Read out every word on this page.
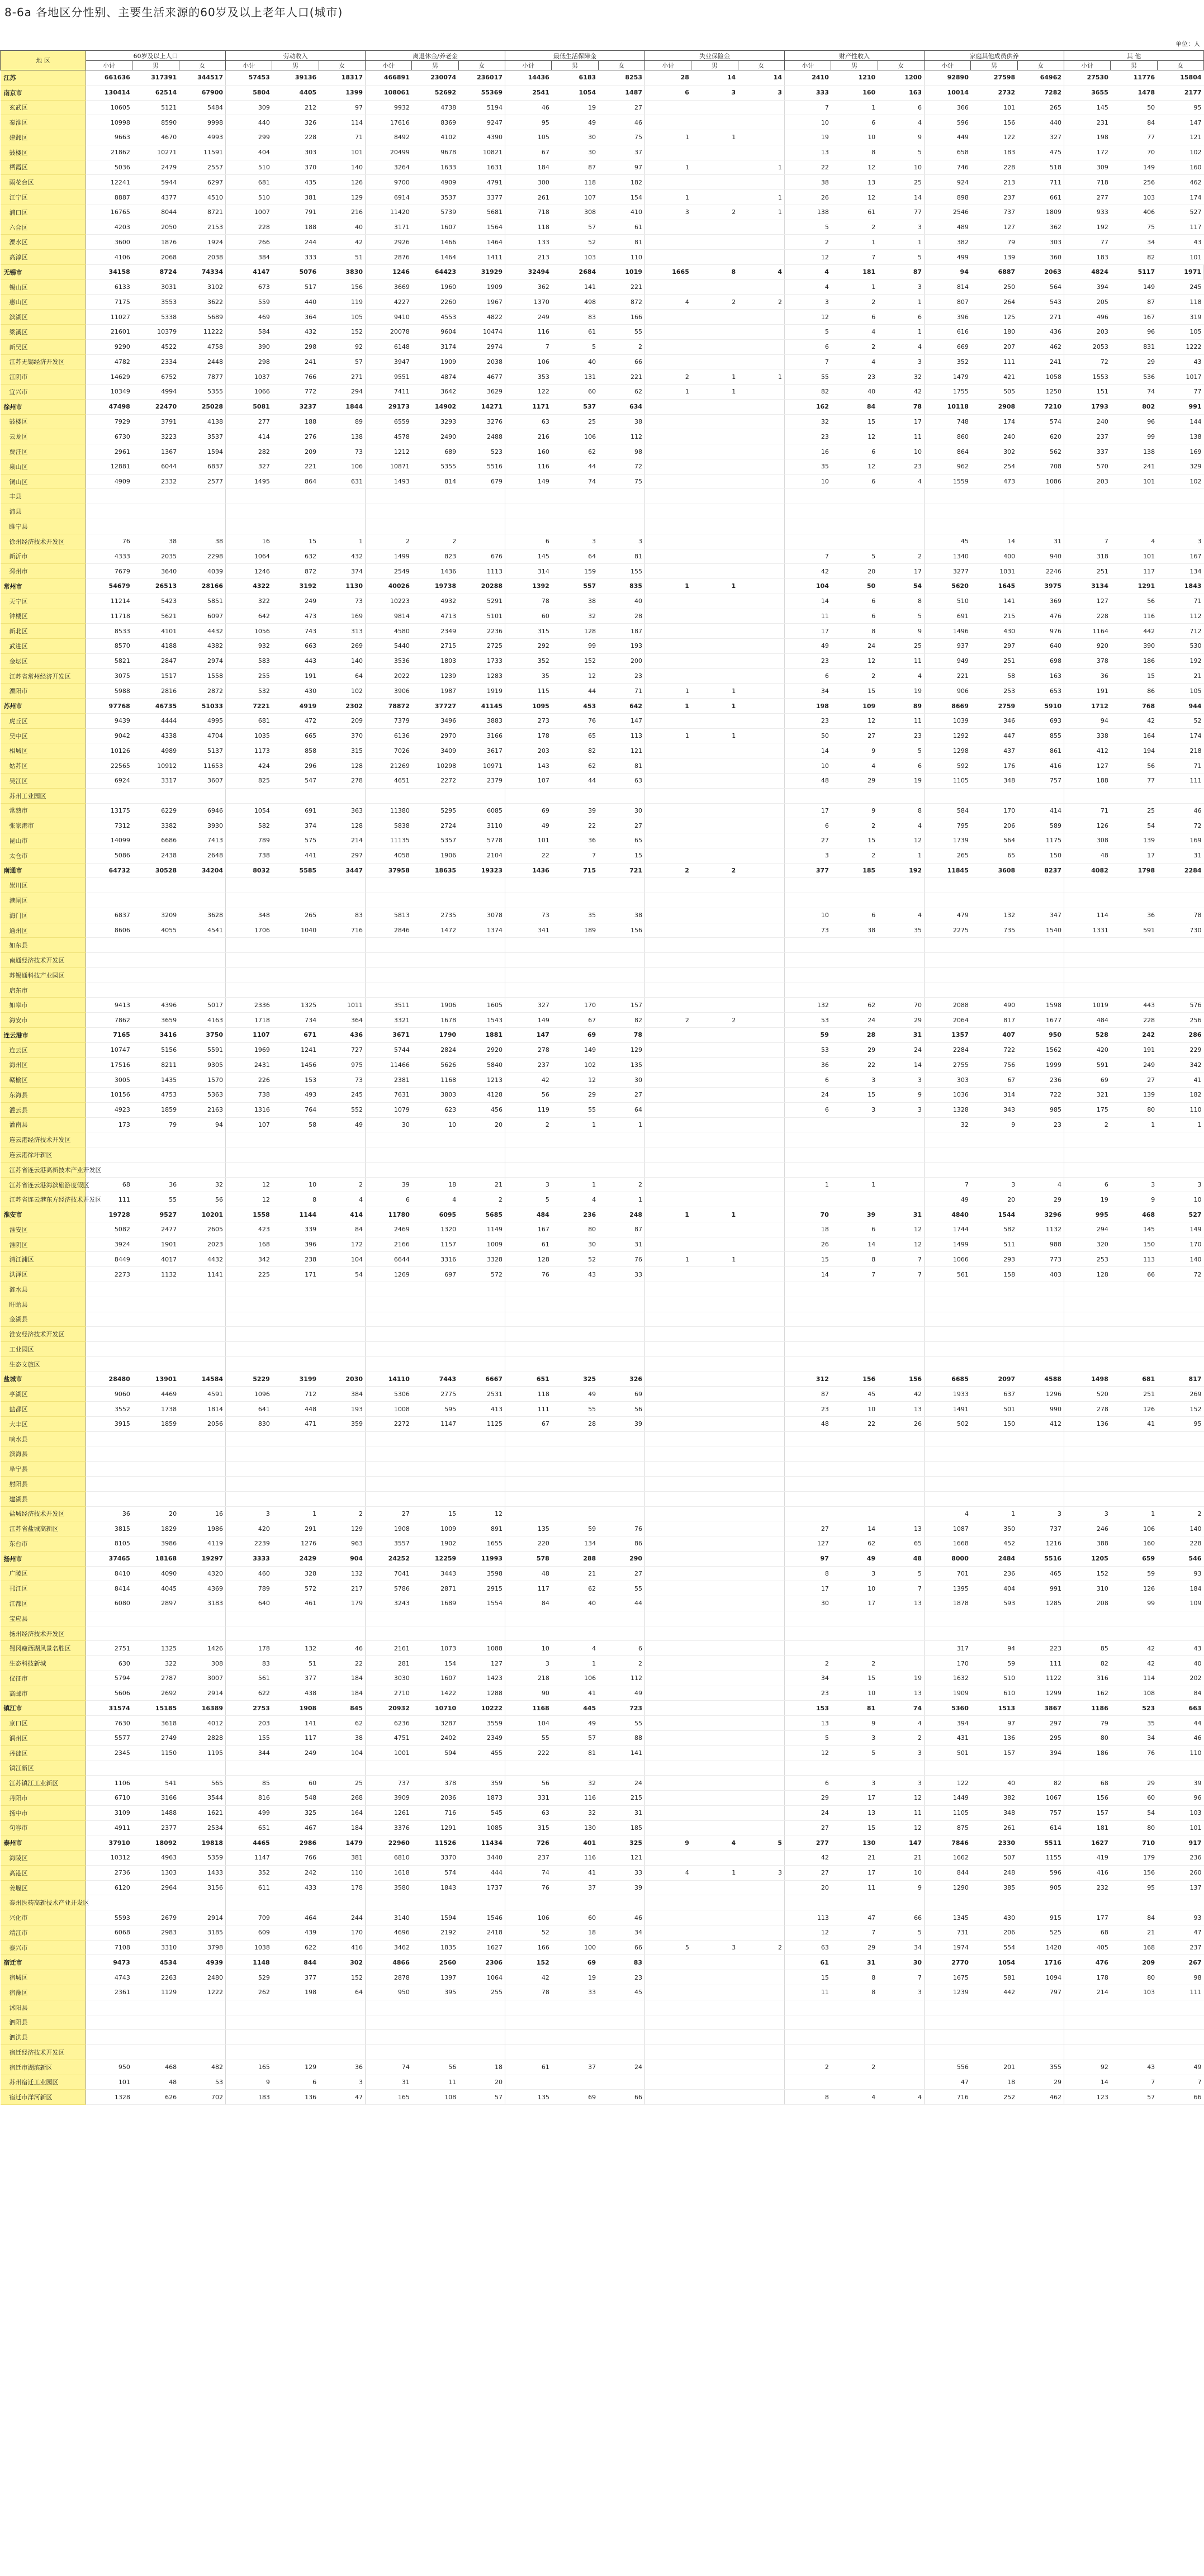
8-6a 各地区分性别、主要生活来源的60岁及以上老年人口(城市)
单位：人
地 区	60岁及以上人口			劳动收入			离退休金/养老金			最低生活保障金			失业保险金			财产性收入			家庭其他成员供养			其 他			
	小计	男	女	小计	男	女	小计	男	女	小计	男	女	小计	男	女	小计	男	女	小计	男	女	小计	男	女	
江苏	661636	317391	344517	57453	39136	18317	466891	230074	236017	14436	6183	8253	28	14	14	2410	1210	1200	92890	27598	64962	27530	11776	15804	
南京市	130414	62514	67900	5804	4405	1399	108061	52692	55369	2541	1054	1487	6	3	3	333	160	163	10014	2732	7282	3655	1478	2177	
玄武区	10605	5121	5484	309	212	97	9932	4738	5194	46	19	27				7	1	6	366	101	265	145	50	95	
秦淮区	10998	8590	9998	440	326	114	17616	8369	9247	95	49	46				10	6	4	596	156	440	231	84	147	
建邺区	9663	4670	4993	299	228	71	8492	4102	4390	105	30	75	1	1		19	10	9	449	122	327	198	77	121	
鼓楼区	21862	10271	11591	404	303	101	20499	9678	10821	67	30	37				13	8	5	658	183	475	172	70	102	
栖霞区	5036	2479	2557	510	370	140	3264	1633	1631	184	87	97	1		1	22	12	10	746	228	518	309	149	160	
雨花台区	12241	5944	6297	681	435	126	9700	4909	4791	300	118	182				38	13	25	924	213	711	718	256	462	
江宁区	8887	4377	4510	510	381	129	6914	3537	3377	261	107	154	1		1	26	12	14	898	237	661	277	103	174	
浦口区	16765	8044	8721	1007	791	216	11420	5739	5681	718	308	410	3	2	1	138	61	77	2546	737	1809	933	406	527	
六合区	4203	2050	2153	228	188	40	3171	1607	1564	118	57	61				5	2	3	489	127	362	192	75	117	
溧水区	3600	1876	1924	266	244	42	2926	1466	1464	133	52	81				2	1	1	382	79	303	77	34	43	
高淳区	4106	2068	2038	384	333	51	2876	1464	1411	213	103	110				12	7	5	499	139	360	183	82	101	
无锡市	34158	8724	74334	4147	5076	3830	1246	64423	31929	32494	2684	1019	1665	8	4	4	181	87	94	6887	2063	4824	5117	1971	
锡山区	6133	3031	3102	673	517	156	3669	1960	1909	362	141	221				4	1	3	814	250	564	394	149	245	
惠山区	7175	3553	3622	559	440	119	4227	2260	1967	1370	498	872	4	2	2	3	2	1	807	264	543	205	87	118	
滨湖区	11027	5338	5689	469	364	105	9410	4553	4822	249	83	166				12	6	6	396	125	271	496	167	319	
梁溪区	21601	10379	11222	584	432	152	20078	9604	10474	116	61	55				5	4	1	616	180	436	203	96	105	
新吴区	9290	4522	4758	390	298	92	6148	3174	2974	7	5	2				6	2	4	669	207	462	2053	831	1222	
江苏无锡经济开发区	4782	2334	2448	298	241	57	3947	1909	2038	106	40	66				7	4	3	352	111	241	72	29	43	
江阴市	14629	6752	7877	1037	766	271	9551	4874	4677	353	131	221	2	1	1	55	23	32	1479	421	1058	1553	536	1017	
宜兴市	10349	4994	5355	1066	772	294	7411	3642	3629	122	60	62	1	1		82	40	42	1755	505	1250	151	74	77	
徐州市	47498	22470	25028	5081	3237	1844	29173	14902	14271	1171	537	634				162	84	78	10118	2908	7210	1793	802	991	
鼓楼区	7929	3791	4138	277	188	89	6559	3293	3276	63	25	38				32	15	17	748	174	574	240	96	144	
云龙区	6730	3223	3537	414	276	138	4578	2490	2488	216	106	112				23	12	11	860	240	620	237	99	138	
贾汪区	2961	1367	1594	282	209	73	1212	689	523	160	62	98				16	6	10	864	302	562	337	138	169	
泉山区	12881	6044	6837	327	221	106	10871	5355	5516	116	44	72				35	12	23	962	254	708	570	241	329	
铜山区	4909	2332	2577	1495	864	631	1493	814	679	149	74	75				10	6	4	1559	473	1086	203	101	102	
丰县																									
沛县																									
睢宁县																									
徐州经济技术开发区	76	38	38	16	15	1	2	2		6	3	3							45	14	31	7	4	3	
新沂市	4333	2035	2298	1064	632	432	1499	823	676	145	64	81				7	5	2	1340	400	940	318	101	167	
邳州市	7679	3640	4039	1246	872	374	2549	1436	1113	314	159	155				42	20	17	3277	1031	2246	251	117	134	
常州市	54679	26513	28166	4322	3192	1130	40026	19738	20288	1392	557	835	1	1		104	50	54	5620	1645	3975	3134	1291	1843	
天宁区	11214	5423	5851	322	249	73	10223	4932	5291	78	38	40				14	6	8	510	141	369	127	56	71	
钟楼区	11718	5621	6097	642	473	169	9814	4713	5101	60	32	28				11	6	5	691	215	476	228	116	112	
新北区	8533	4101	4432	1056	743	313	4580	2349	2236	315	128	187				17	8	9	1496	430	976	1164	442	712	
武进区	8570	4188	4382	932	663	269	5440	2715	2725	292	99	193				49	24	25	937	297	640	920	390	530	
金坛区	5821	2847	2974	583	443	140	3536	1803	1733	352	152	200				23	12	11	949	251	698	378	186	192	
江苏省常州经济开发区	3075	1517	1558	255	191	64	2022	1239	1283	35	12	23				6	2	4	221	58	163	36	15	21	
溧阳市	5988	2816	2872	532	430	102	3906	1987	1919	115	44	71	1	1		34	15	19	906	253	653	191	86	105	
苏州市	97768	46735	51033	7221	4919	2302	78872	37727	41145	1095	453	642	1	1		198	109	89	8669	2759	5910	1712	768	944	
虎丘区	9439	4444	4995	681	472	209	7379	3496	3883	273	76	147				23	12	11	1039	346	693	94	42	52	
吴中区	9042	4338	4704	1035	665	370	6136	2970	3166	178	65	113	1	1		50	27	23	1292	447	855	338	164	174	
相城区	10126	4989	5137	1173	858	315	7026	3409	3617	203	82	121				14	9	5	1298	437	861	412	194	218	
姑苏区	22565	10912	11653	424	296	128	21269	10298	10971	143	62	81				10	4	6	592	176	416	127	56	71	
吴江区	6924	3317	3607	825	547	278	4651	2272	2379	107	44	63				48	29	19	1105	348	757	188	77	111	
苏州工业园区																									
常熟市	13175	6229	6946	1054	691	363	11380	5295	6085	69	39	30				17	9	8	584	170	414	71	25	46	
张家港市	7312	3382	3930	582	374	128	5838	2724	3110	49	22	27				6	2	4	795	206	589	126	54	72	
昆山市	14099	6686	7413	789	575	214	11135	5357	5778	101	36	65				27	15	12	1739	564	1175	308	139	169	
太仓市	5086	2438	2648	738	441	297	4058	1906	2104	22	7	15				3	2	1	265	65	150	48	17	31	
南通市	64732	30528	34204	8032	5585	3447	37958	18635	19323	1436	715	721	2	2		377	185	192	11845	3608	8237	4082	1798	2284	
崇川区																									
港闸区																									
海门区	6837	3209	3628	348	265	83	5813	2735	3078	73	35	38				10	6	4	479	132	347	114	36	78	
通州区	8606	4055	4541	1706	1040	716	2846	1472	1374	341	189	156				73	38	35	2275	735	1540	1331	591	730	
如东县																									
南通经济技术开发区																									
苏锡通科技产业园区																									
启东市																									
如皋市	9413	4396	5017	2336	1325	1011	3511	1906	1605	327	170	157				132	62	70	2088	490	1598	1019	443	576	
海安市	7862	3659	4163	1718	734	364	3321	1678	1543	149	67	82	2	2		53	24	29	2064	817	1677	484	228	256	
连云港市	7165	3416	3750	1107	671	436	3671	1790	1881	147	69	78				59	28	31	1357	407	950	528	242	286	
连云区	10747	5156	5591	1969	1241	727	5744	2824	2920	278	149	129				53	29	24	2284	722	1562	420	191	229	
海州区	17516	8211	9305	2431	1456	975	11466	5626	5840	237	102	135				36	22	14	2755	756	1999	591	249	342	
赣榆区	3005	1435	1570	226	153	73	2381	1168	1213	42	12	30				6	3	3	303	67	236	69	27	41	
东海县	10156	4753	5363	738	493	245	7631	3803	4128	56	29	27				24	15	9	1036	314	722	321	139	182	
灌云县	4923	1859	2163	1316	764	552	1079	623	456	119	55	64				6	3	3	1328	343	985	175	80	110	
灌南县	173	79	94	107	58	49	30	10	20	2	1	1							32	9	23	2	1	1	
连云港经济技术开发区																									
连云港徐圩新区																									
江苏省连云港高新技术产业开发区																									
江苏省连云港海滨旅游度假区	68	36	32	12	10	2	39	18	21	3	1	2				1	1		7	3	4	6	3	3	
江苏省连云港东方经济技术开发区	111	55	56	12	8	4	6	4	2	5	4	1							49	20	29	19	9	10	
淮安市	19728	9527	10201	1558	1144	414	11780	6095	5685	484	236	248	1	1		70	39	31	4840	1544	3296	995	468	527	
淮安区	5082	2477	2605	423	339	84	2469	1320	1149	167	80	87				18	6	12	1744	582	1132	294	145	149	
淮阴区	3924	1901	2023	168	396	172	2166	1157	1009	61	30	31				26	14	12	1499	511	988	320	150	170	
清江浦区	8449	4017	4432	342	238	104	6644	3316	3328	128	52	76	1	1		15	8	7	1066	293	773	253	113	140	
洪泽区	2273	1132	1141	225	171	54	1269	697	572	76	43	33				14	7	7	561	158	403	128	66	72	
涟水县																									
盱眙县																									
金湖县																									
淮安经济技术开发区																									
工业园区																									
生态文旅区																									
盐城市	28480	13901	14584	5229	3199	2030	14110	7443	6667	651	325	326				312	156	156	6685	2097	4588	1498	681	817	
亭湖区	9060	4469	4591	1096	712	384	5306	2775	2531	118	49	69				87	45	42	1933	637	1296	520	251	269	
盐都区	3552	1738	1814	641	448	193	1008	595	413	111	55	56				23	10	13	1491	501	990	278	126	152	
大丰区	3915	1859	2056	830	471	359	2272	1147	1125	67	28	39				48	22	26	502	150	412	136	41	95	
响水县																									
滨海县																									
阜宁县																									
射阳县																									
建湖县																									
盐城经济技术开发区	36	20	16	3	1	2	27	15	12										4	1	3	3	1	2	
江苏省盐城高新区	3815	1829	1986	420	291	129	1908	1009	891	135	59	76				27	14	13	1087	350	737	246	106	140	
东台市	8105	3986	4119	2239	1276	963	3557	1902	1655	220	134	86				127	62	65	1668	452	1216	388	160	228	
扬州市	37465	18168	19297	3333	2429	904	24252	12259	11993	578	288	290				97	49	48	8000	2484	5516	1205	659	546	
广陵区	8410	4090	4320	460	328	132	7041	3443	3598	48	21	27				8	3	5	701	236	465	152	59	93	
邗江区	8414	4045	4369	789	572	217	5786	2871	2915	117	62	55				17	10	7	1395	404	991	310	126	184	
江都区	6080	2897	3183	640	461	179	3243	1689	1554	84	40	44				30	17	13	1878	593	1285	208	99	109	
宝应县																									
扬州经济技术开发区																									
蜀冈瘦西湖风景名胜区	2751	1325	1426	178	132	46	2161	1073	1088	10	4	6							317	94	223	85	42	43	
生态科技新城	630	322	308	83	51	22	281	154	127	3	1	2				2	2		170	59	111	82	42	40	
仪征市	5794	2787	3007	561	377	184	3030	1607	1423	218	106	112				34	15	19	1632	510	1122	316	114	202	
高邮市	5606	2692	2914	622	438	184	2710	1422	1288	90	41	49				23	10	13	1909	610	1299	162	108	84	
镇江市	31574	15185	16389	2753	1908	845	20932	10710	10222	1168	445	723				153	81	74	5360	1513	3867	1186	523	663	
京口区	7630	3618	4012	203	141	62	6236	3287	3559	104	49	55				13	9	4	394	97	297	79	35	44	
润州区	5577	2749	2828	155	117	38	4751	2402	2349	55	57	88				5	3	2	431	136	295	80	34	46	
丹徒区	2345	1150	1195	344	249	104	1001	594	455	222	81	141				12	5	3	501	157	394	186	76	110	
镇江新区																									
江苏镇江工业新区	1106	541	565	85	60	25	737	378	359	56	32	24				6	3	3	122	40	82	68	29	39	
丹阳市	6710	3166	3544	816	548	268	3909	2036	1873	331	116	215				29	17	12	1449	382	1067	156	60	96	
扬中市	3109	1488	1621	499	325	164	1261	716	545	63	32	31				24	13	11	1105	348	757	157	54	103	
句容市	4911	2377	2534	651	467	184	3376	1291	1085	315	130	185				27	15	12	875	261	614	181	80	101	
泰州市	37910	18092	19818	4465	2986	1479	22960	11526	11434	726	401	325	9	4	5	277	130	147	7846	2330	5511	1627	710	917	
海陵区	10312	4963	5359	1147	766	381	6810	3370	3440	237	116	121				42	21	21	1662	507	1155	419	179	236	
高港区	2736	1303	1433	352	242	110	1618	574	444	74	41	33	4	1	3	27	17	10	844	248	596	416	156	260	
姜堰区	6120	2964	3156	611	433	178	3580	1843	1737	76	37	39				20	11	9	1290	385	905	232	95	137	
泰州医药高新技术产业开发区																									
兴化市	5593	2679	2914	709	464	244	3140	1594	1546	106	60	46				113	47	66	1345	430	915	177	84	93	
靖江市	6068	2983	3185	609	439	170	4696	2192	2418	52	18	34				12	7	5	731	206	525	68	21	47	
泰兴市	7108	3310	3798	1038	622	416	3462	1835	1627	166	100	66	5	3	2	63	29	34	1974	554	1420	405	168	237	
宿迁市	9473	4534	4939	1148	844	302	4866	2560	2306	152	69	83				61	31	30	2770	1054	1716	476	209	267	
宿城区	4743	2263	2480	529	377	152	2878	1397	1064	42	19	23				15	8	7	1675	581	1094	178	80	98	
宿豫区	2361	1129	1222	262	198	64	950	395	255	78	33	45				11	8	3	1239	442	797	214	103	111	
沭阳县																									
泗阳县																									
泗洪县																									
宿迁经济技术开发区																									
宿迁市湖滨新区	950	468	482	165	129	36	74	56	18	61	37	24				2	2		556	201	355	92	43	49	
苏州宿迁工业园区	101	48	53	9	6	3	31	11	20										47	18	29	14	7	7	
宿迁市洋河新区	1328	626	702	183	136	47	165	108	57	135	69	66				8	4	4	716	252	462	123	57	66	
